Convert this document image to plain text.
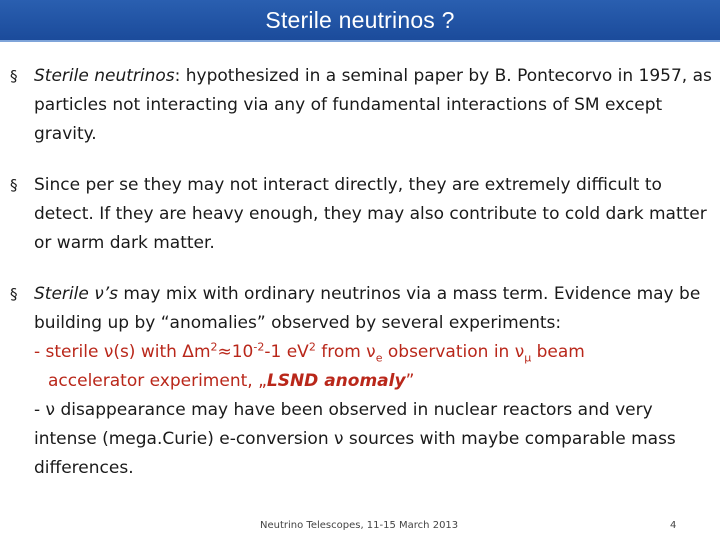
Sterile neutrinos ?
§ Sterile neutrinos: hypothesized in a seminal paper by B. Pontecorvo in 1957, as particles not interacting via any of fundamental interactions of SM except gravity.
§ Since per se they may not interact directly, they are extremely difficult to detect. If they are heavy enough, they may also contribute to cold dark matter or warm dark matter.
§ Sterile ν’s may mix with ordinary neutrinos via a mass term. Evidence may be building up by “anomalies” observed by several experiments:
- sterile ν(s) with $\Delta m^2\approx 10^{-2}-1$ $eV^2$ from $\nu_e$ observation in $\nu_\mu$ beam
accelerator experiment, „LSND anomaly”
- ν disappearance may have been observed in nuclear reactors and very intense (mega.Curie) e-conversion ν sources with maybe comparable mass differences.
Neutrino Telescopes, 11-15 March 2013	4
